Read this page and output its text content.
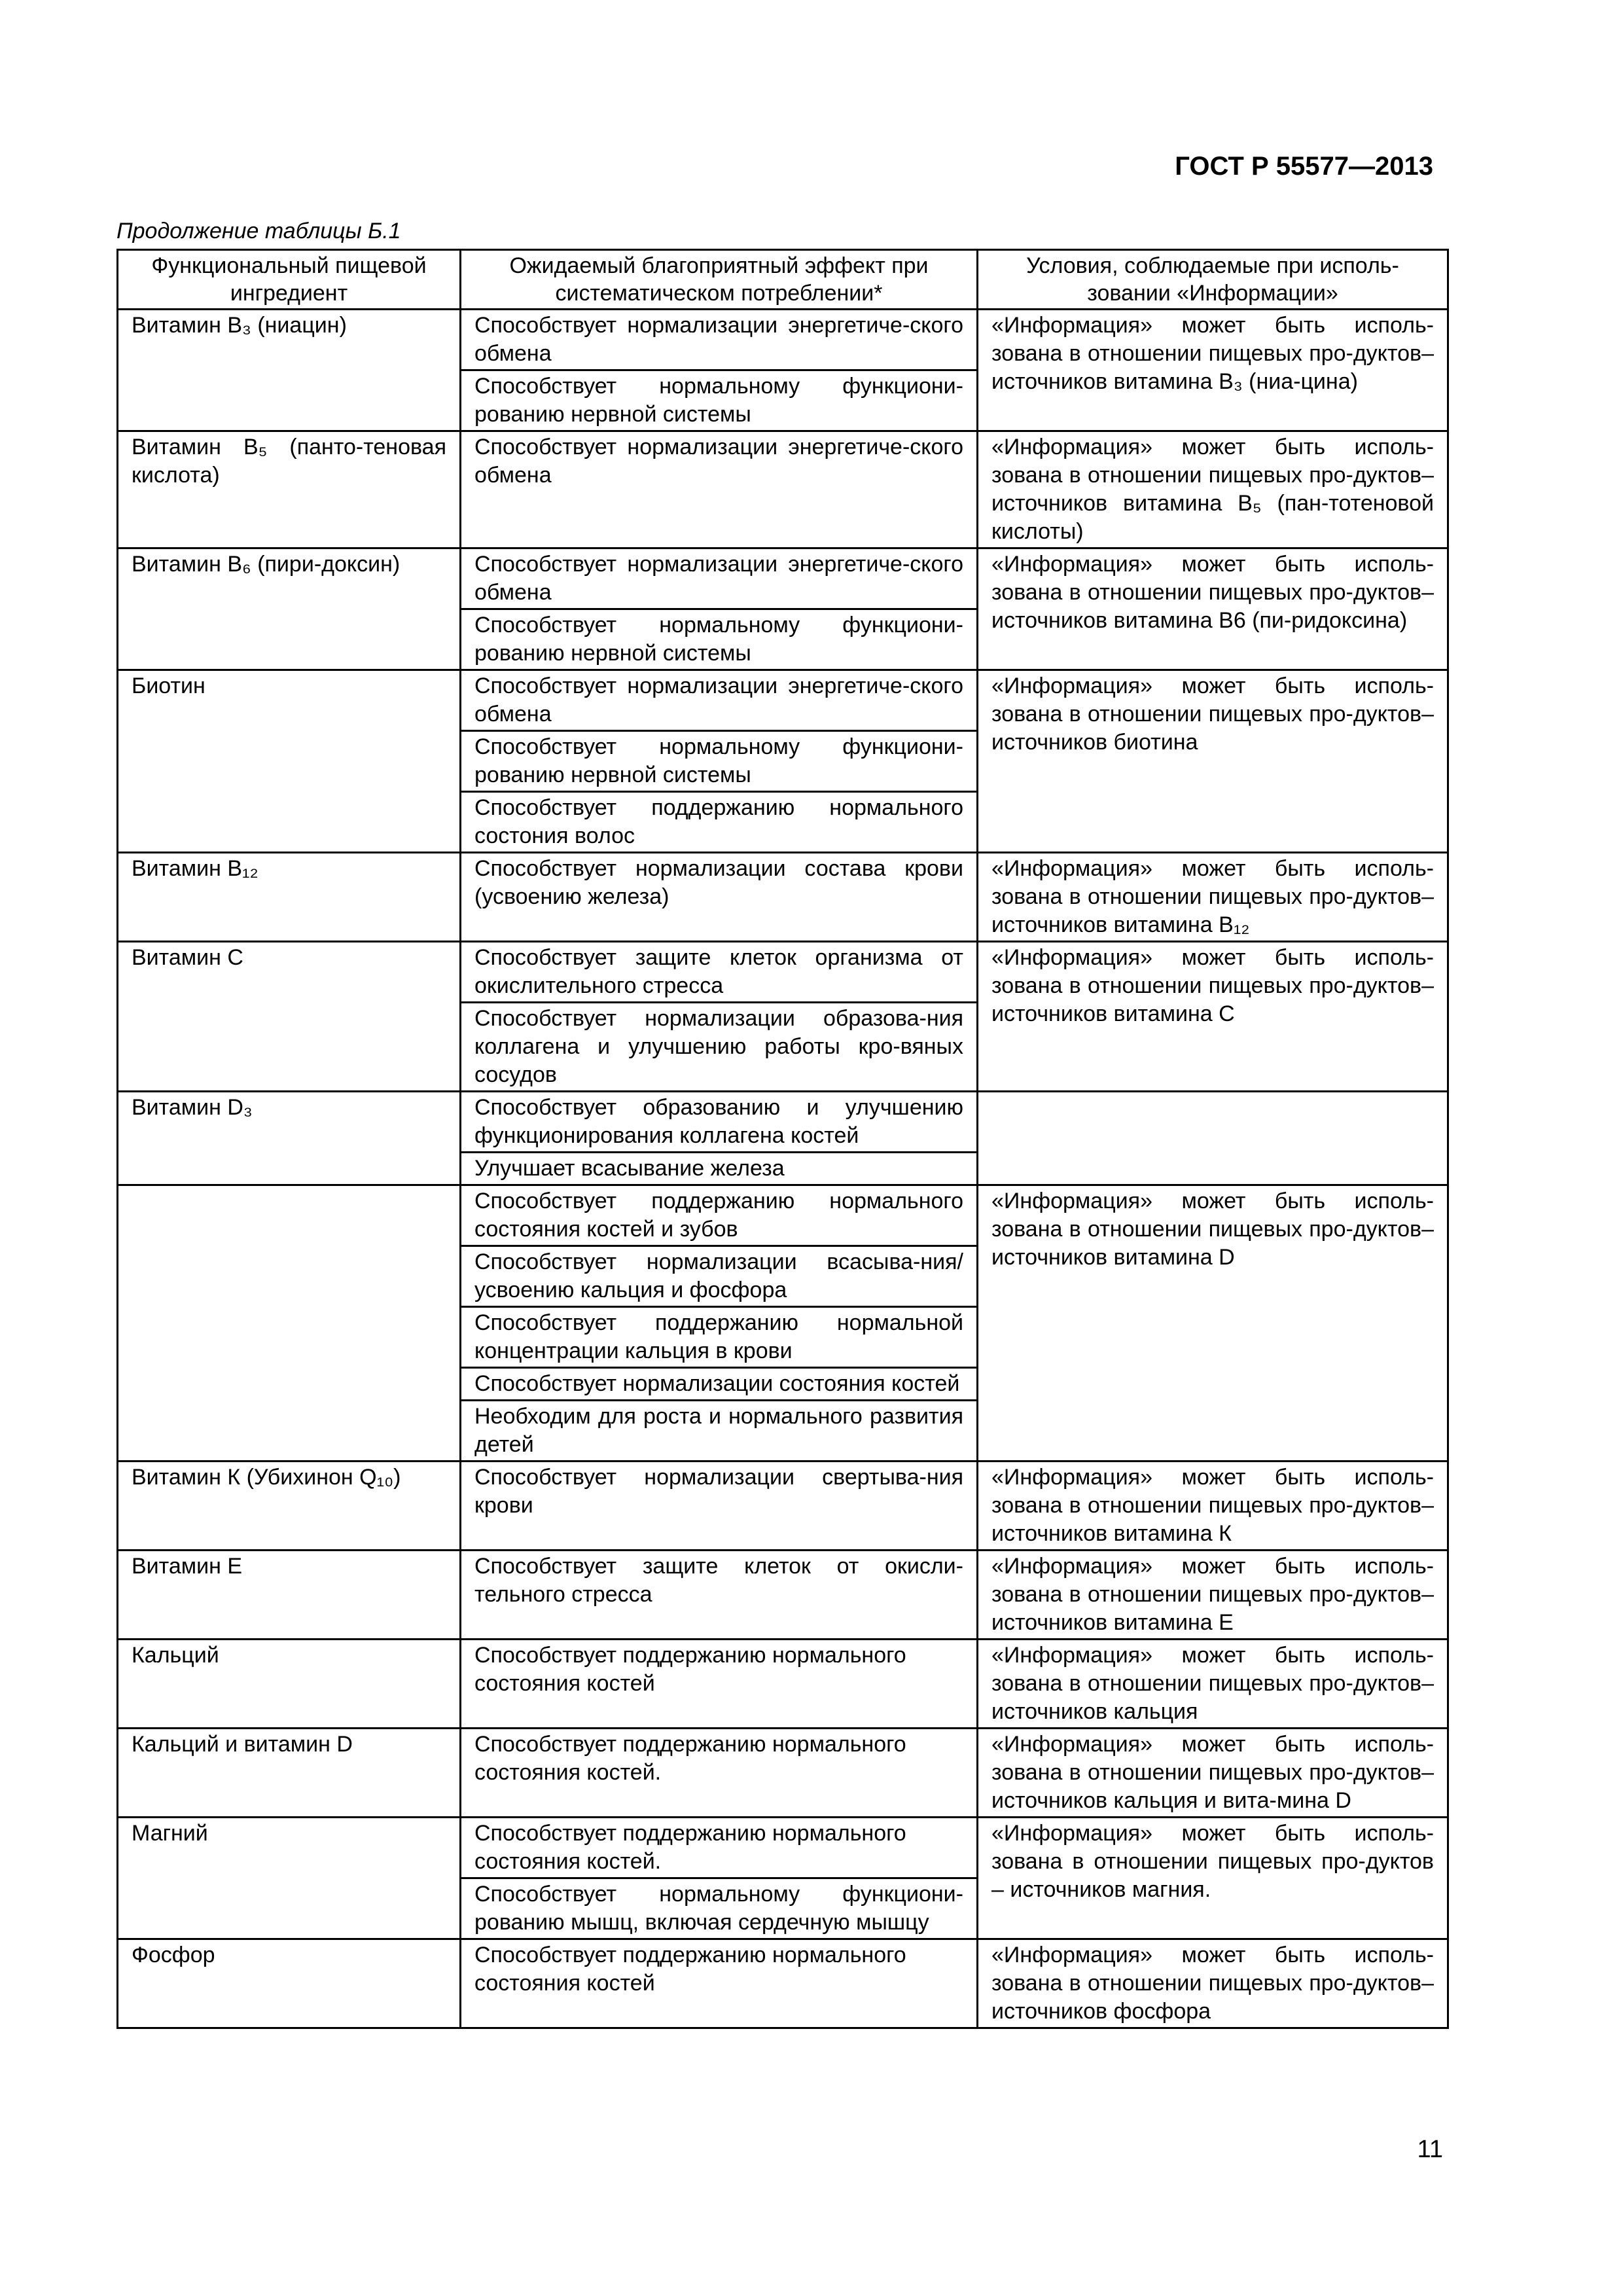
ГОСТ Р 55577—2013
Продолжение таблицы Б.1
Функциональный пищевой ингредиент	Ожидаемый благоприятный эффект при систематическом потреблении*	Условия, соблюдаемые при исполь-зовании «Информации»
Витамин B₃ (ниацин)	Способствует нормализации энергетиче-ского обмена	«Информация» может быть исполь-зована в отношении пищевых про-дуктов–источников витамина B₃ (ниа-цина)
	Способствует нормальному функциони-рованию нервной системы	
Витамин B₅ (панто-теновая кислота)	Способствует нормализации энергетиче-ского обмена	«Информация» может быть исполь-зована в отношении пищевых про-дуктов–источников витамина B₅ (пан-тотеновой кислоты)
Витамин B₆ (пири-доксин)	Способствует нормализации энергетиче-ского обмена	«Информация» может быть исполь-зована в отношении пищевых про-дуктов–источников витамина B6 (пи-ридоксина)
	Способствует нормальному функциони-рованию нервной системы	
Биотин	Способствует нормализации энергетиче-ского обмена	«Информация» может быть исполь-зована в отношении пищевых про-дуктов–источников биотина
	Способствует нормальному функциони-рованию нервной системы	
	Способствует поддержанию нормального состония волос	
Витамин B₁₂	Способствует нормализации состава крови (усвоению железа)	«Информация» может быть исполь-зована в отношении пищевых про-дуктов–источников витамина B₁₂
Витамин С	Способствует защите клеток организма от окислительного стресса	«Информация» может быть исполь-зована в отношении пищевых про-дуктов–источников витамина С
	Способствует нормализации образова-ния коллагена и улучшению работы кро-вяных сосудов	
Витамин D₃	Способствует образованию и улучшению функционирования коллагена костей	
	Улучшает всасывание железа	
	Способствует поддержанию нормального состояния костей и зубов	«Информация» может быть исполь-зована в отношении пищевых про-дуктов–источников витамина D
	Способствует нормализации всасыва-ния/усвоению кальция и фосфора	
	Способствует поддержанию нормальной концентрации кальция в крови	
	Способствует нормализации состояния костей	
	Необходим для роста и нормального развития детей	
Витамин К (Убихинон Q₁₀)	Способствует нормализации свертыва-ния крови	«Информация» может быть исполь-зована в отношении пищевых про-дуктов–источников витамина К
Витамин Е	Способствует защите клеток от окисли-тельного стресса	«Информация» может быть исполь-зована в отношении пищевых про-дуктов–источников витамина Е
Кальций	Способствует поддержанию нормального состояния костей	«Информация» может быть исполь-зована в отношении пищевых про-дуктов–источников кальция
Кальций и витамин D	Способствует поддержанию нормального состояния костей.	«Информация» может быть исполь-зована в отношении пищевых про-дуктов–источников кальция и вита-мина D
Магний	Способствует поддержанию нормального состояния костей.	«Информация» может быть исполь-зована в отношении пищевых про-дуктов – источников магния.
	Способствует нормальному функциони-рованию мышц, включая сердечную мышцу	
Фосфор	Способствует поддержанию нормального состояния костей	«Информация» может быть исполь-зована в отношении пищевых про-дуктов–источников фосфора
11
